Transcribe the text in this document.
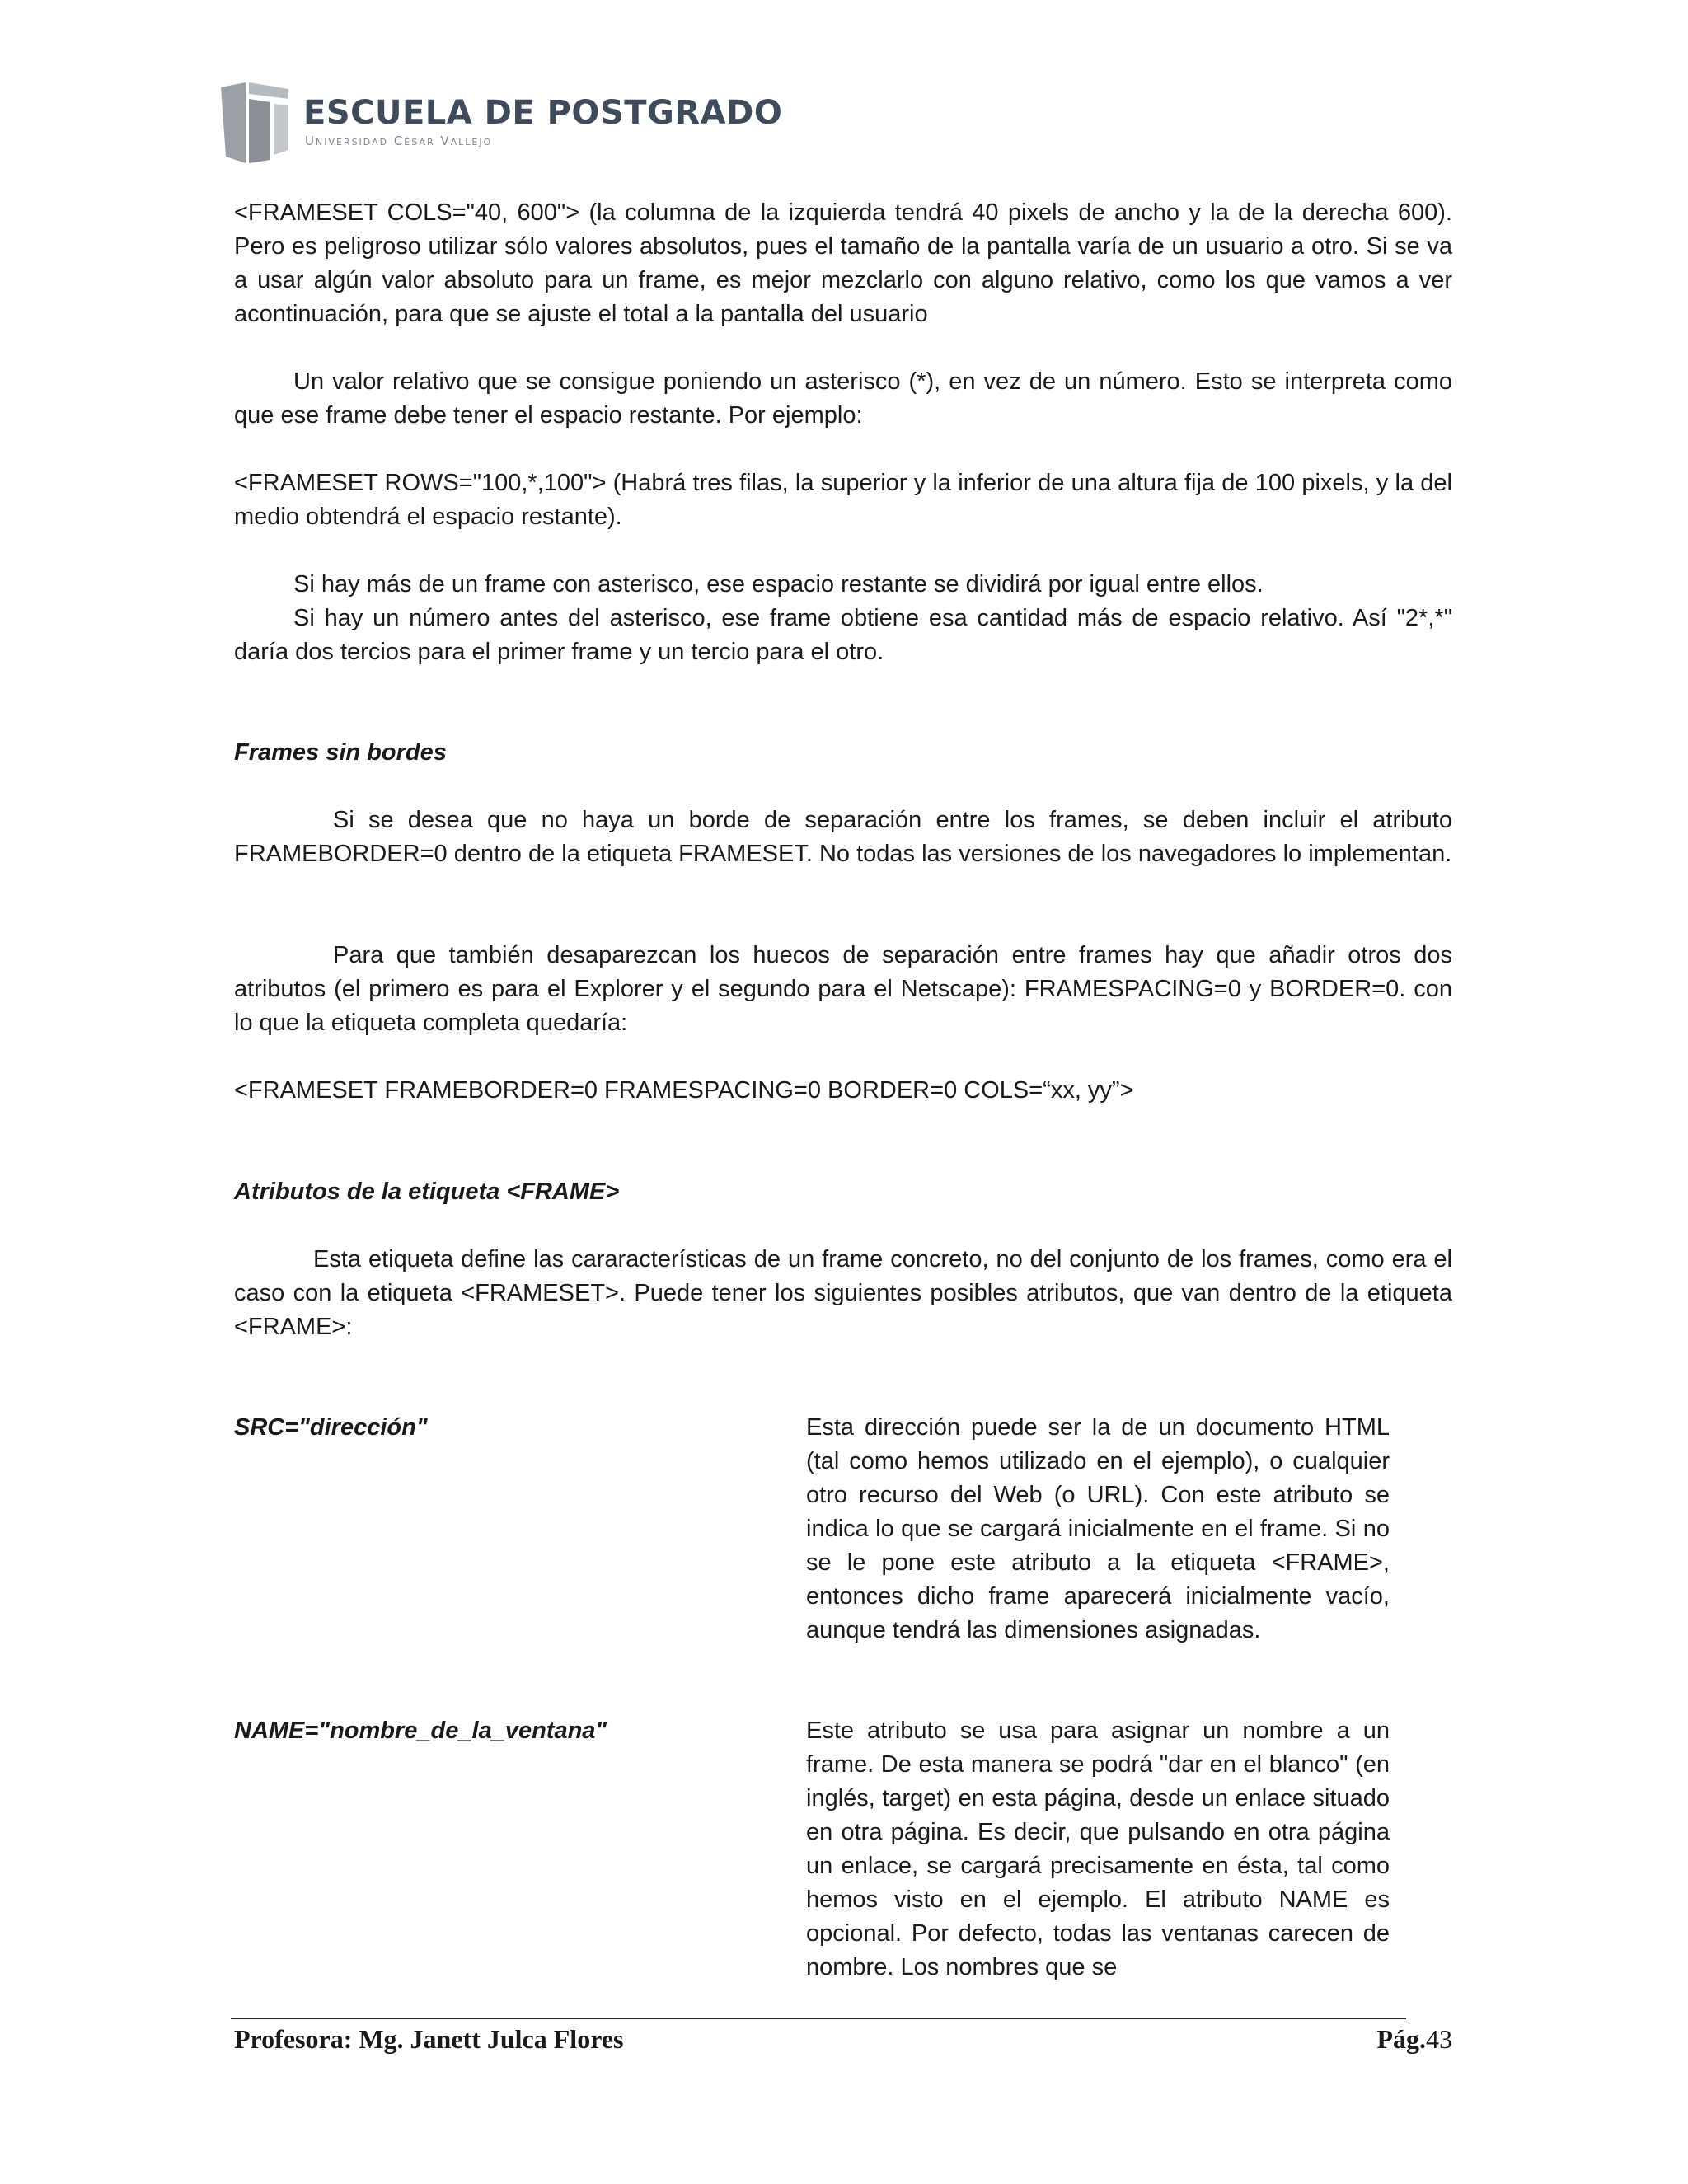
ESCUELA DE POSTGRADO
Universidad César Vallejo

<FRAMESET COLS="40, 600"> (la columna de la izquierda tendrá 40 pixels de ancho y la de la derecha 600). Pero es peligroso utilizar sólo valores absolutos, pues el tamaño de la pantalla varía de un usuario a otro. Si se va a usar algún valor absoluto para un frame, es mejor mezclarlo con alguno relativo, como los que vamos a ver acontinuación, para que se ajuste el total a la pantalla del usuario

Un valor relativo que se consigue poniendo un asterisco (*), en vez de un número. Esto se interpreta como que ese frame debe tener el espacio restante. Por ejemplo:

<FRAMESET ROWS="100,*,100"> (Habrá tres filas, la superior y la inferior de una altura fija de 100 pixels, y la del medio obtendrá el espacio restante).

Si hay más de un frame con asterisco, ese espacio restante se dividirá por igual entre ellos.

Si hay un número antes del asterisco, ese frame obtiene esa cantidad más de espacio relativo. Así "2*,*" daría dos tercios para el primer frame y un tercio para el otro.

Frames sin bordes

Si se desea que no haya un borde de separación entre los frames, se deben incluir el atributo FRAMEBORDER=0 dentro de la etiqueta FRAMESET. No todas las versiones de los navegadores lo implementan.

Para que también desaparezcan los huecos de separación entre frames hay que añadir otros dos atributos (el primero es para el Explorer y el segundo para el Netscape): FRAMESPACING=0 y BORDER=0. con lo que la etiqueta completa quedaría:

<FRAMESET FRAMEBORDER=0 FRAMESPACING=0 BORDER=0 COLS=“xx, yy”>

Atributos de la etiqueta <FRAME>

Esta etiqueta define las cararacterísticas de un frame concreto, no del conjunto de los frames, como era el caso con la etiqueta <FRAMESET>. Puede tener los siguientes posibles atributos, que van dentro de la etiqueta <FRAME>:

SRC="dirección"	Esta dirección puede ser la de un documento HTML (tal como hemos utilizado en el ejemplo), o cualquier otro recurso del Web (o URL). Con este atributo se indica lo que se cargará inicialmente en el frame. Si no se le pone este atributo a la etiqueta <FRAME>, entonces dicho frame aparecerá inicialmente vacío, aunque tendrá las dimensiones asignadas.

NAME="nombre_de_la_ventana"	Este atributo se usa para asignar un nombre a un frame. De esta manera se podrá "dar en el blanco" (en inglés, target) en esta página, desde un enlace situado en otra página. Es decir, que pulsando en otra página un enlace, se cargará precisamente en ésta, tal como hemos visto en el ejemplo. El atributo NAME es opcional. Por defecto, todas las ventanas carecen de nombre. Los nombres que se

Profesora: Mg. Janett Julca Flores	Pág.43
